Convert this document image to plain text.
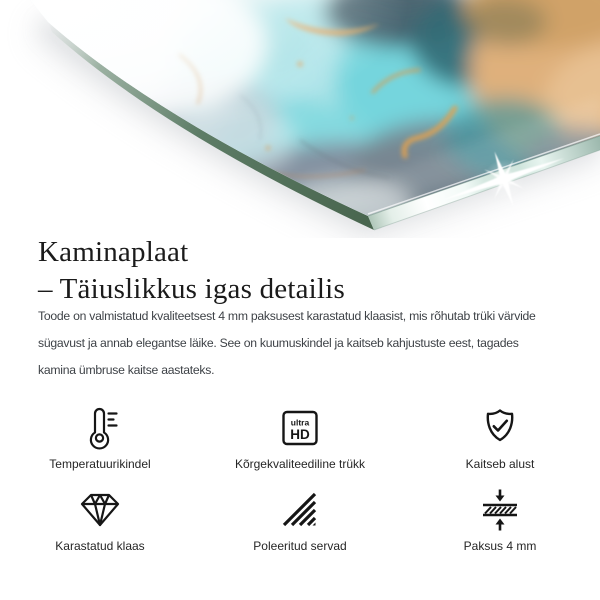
Kaminaplaat
– Täiuslikkus igas detailis
Toode on valmistatud kvaliteetsest 4 mm paksusest karastatud klaasist, mis rõhutab trüki värvide
sügavust ja annab elegantse läike. See on kuumuskindel ja kaitseb kahjustuste eest, tagades
kamina ümbruse kaitse aastateks.
Temperatuurikindel
ultra
HD
Kõrgekvaliteediline trükk	Kaitseb alust
Karastatud klaas	Poleeritud servad	Paksus 4 mm
